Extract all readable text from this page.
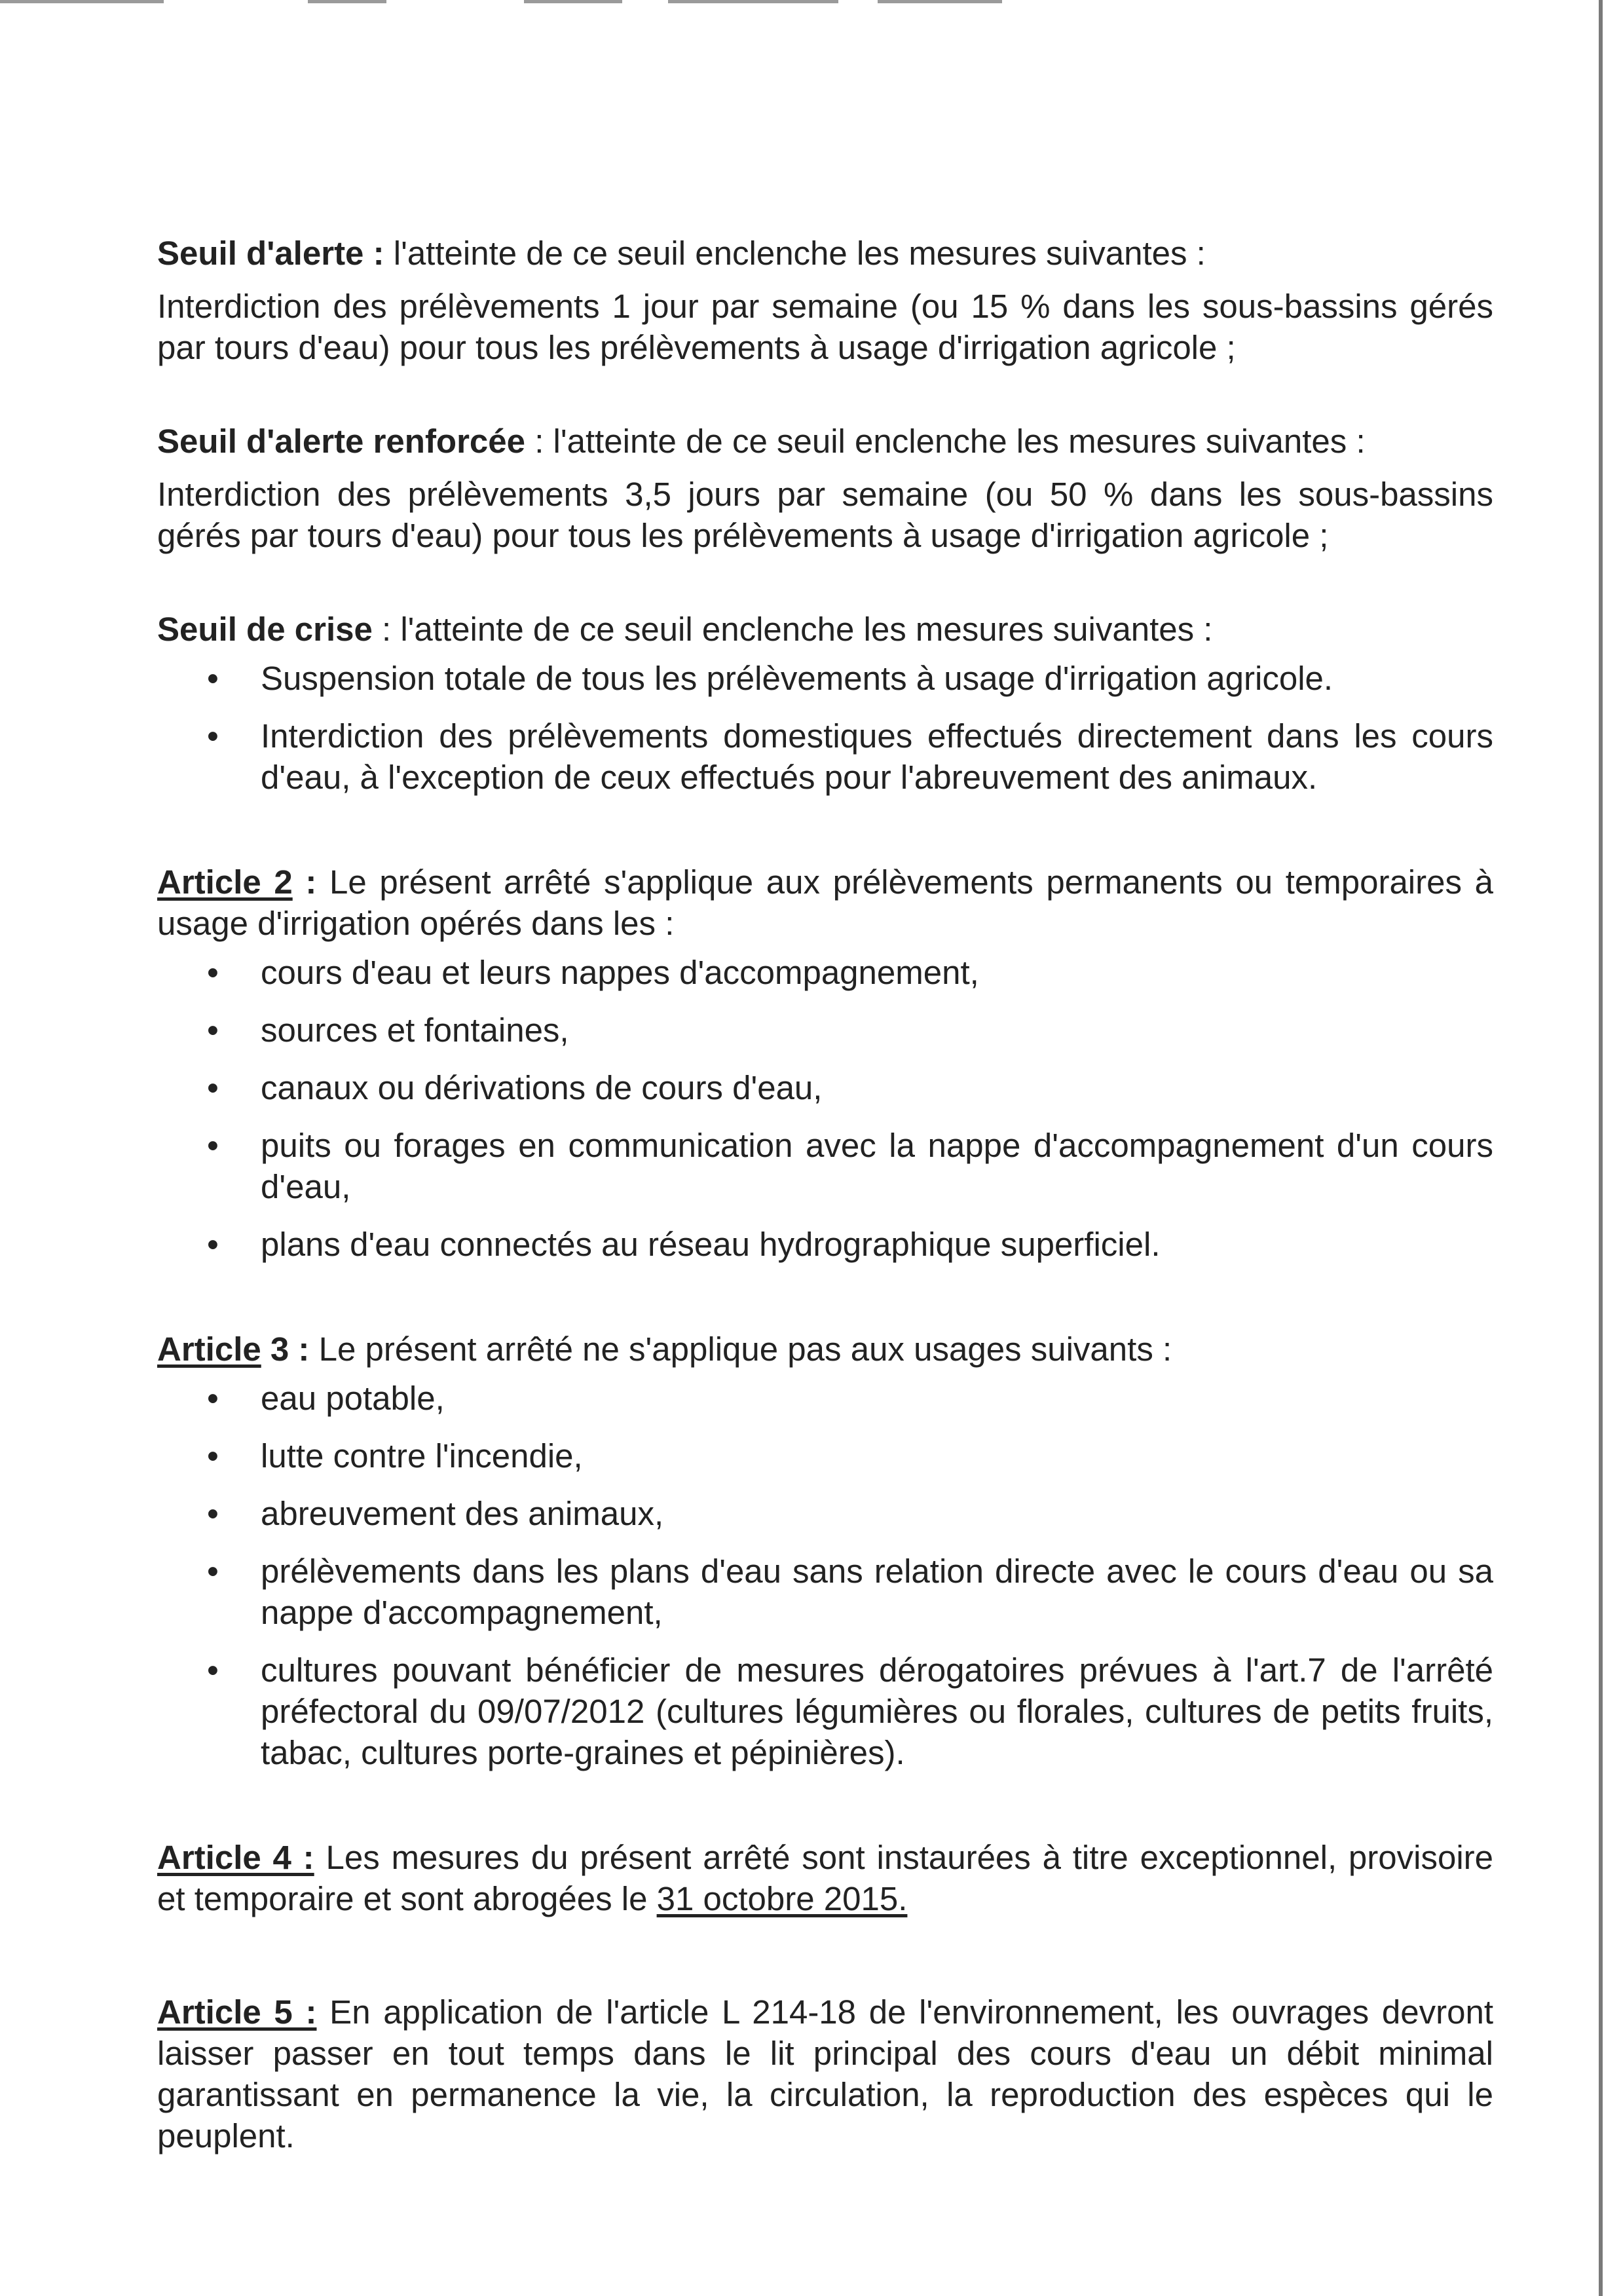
Seuil d'alerte : l'atteinte de ce seuil enclenche les mesures suivantes :

Interdiction des prélèvements 1 jour par semaine (ou 15 % dans les sous-bassins gérés par tours d'eau) pour tous les prélèvements à usage d'irrigation agricole ;

Seuil d'alerte renforcée : l'atteinte de ce seuil enclenche les mesures suivantes :

Interdiction des prélèvements 3,5 jours par semaine (ou 50 % dans les sous-bassins gérés par tours d'eau) pour tous les prélèvements à usage d'irrigation agricole ;

Seuil de crise : l'atteinte de ce seuil enclenche les mesures suivantes :

• Suspension totale de tous les prélèvements à usage d'irrigation agricole.
• Interdiction des prélèvements domestiques effectués directement dans les cours d'eau, à l'exception de ceux effectués pour l'abreuvement des animaux.

Article 2 : Le présent arrêté s'applique aux prélèvements permanents ou temporaires à usage d'irrigation opérés dans les :

• cours d'eau et leurs nappes d'accompagnement,
• sources et fontaines,
• canaux ou dérivations de cours d'eau,
• puits ou forages en communication avec la nappe d'accompagnement d'un cours d'eau,
• plans d'eau connectés au réseau hydrographique superficiel.

Article 3 : Le présent arrêté ne s'applique pas aux usages suivants :

• eau potable,
• lutte contre l'incendie,
• abreuvement des animaux,
• prélèvements dans les plans d'eau sans relation directe avec le cours d'eau ou sa nappe d'accompagnement,
• cultures pouvant bénéficier de mesures dérogatoires prévues à l'art.7 de l'arrêté préfectoral du 09/07/2012 (cultures légumières ou florales, cultures de petits fruits, tabac, cultures porte-graines et pépinières).

Article 4 : Les mesures du présent arrêté sont instaurées à titre exceptionnel, provisoire et temporaire et sont abrogées le 31 octobre 2015.

Article 5 : En application de l'article L 214-18 de l'environnement, les ouvrages devront laisser passer en tout temps dans le lit principal des cours d'eau un débit minimal garantissant en permanence la vie, la circulation, la reproduction des espèces qui le peuplent.
